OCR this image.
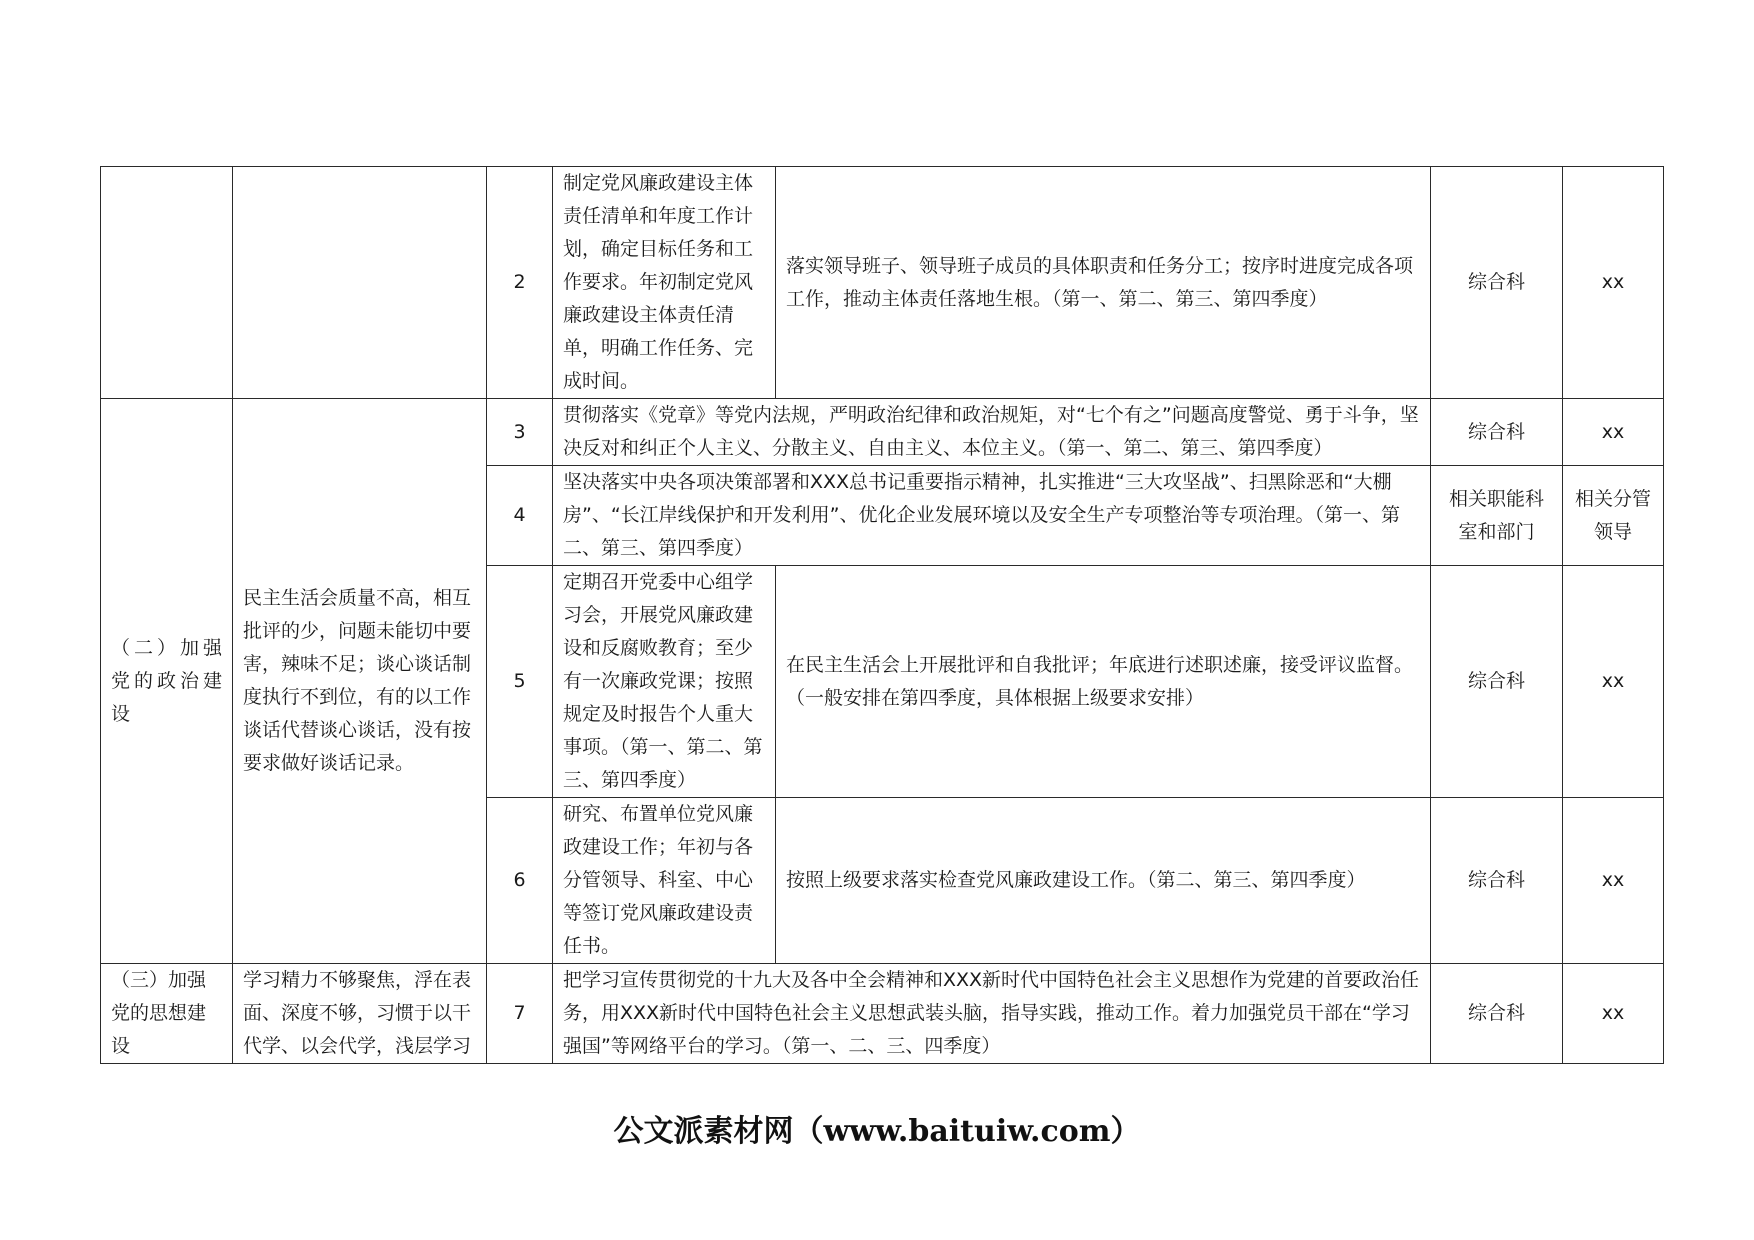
		2	制定党风廉政建设主体责任清单和年度工作计划，确定目标任务和工作要求。年初制定党风廉政建设主体责任清单，明确工作任务、完成时间。	落实领导班子、领导班子成员的具体职责和任务分工；按序时进度完成各项工作，推动主体责任落地生根。（第一、第二、第三、第四季度）	综合科	xx
（二）加强党的政治建设	民主生活会质量不高，相互批评的少，问题未能切中要害，辣味不足；谈心谈话制度执行不到位，有的以工作谈话代替谈心谈话，没有按要求做好谈话记录。	3	贯彻落实《党章》等党内法规，严明政治纪律和政治规矩，对“七个有之”问题高度警觉、勇于斗争，坚决反对和纠正个人主义、分散主义、自由主义、本位主义。（第一、第二、第三、第四季度）		综合科	xx
		4	坚决落实中央各项决策部署和XXX总书记重要指示精神，扎实推进“三大攻坚战”、扫黑除恶和“大棚房”、“长江岸线保护和开发利用”、优化企业发展环境以及安全生产专项整治等专项治理。（第一、第二、第三、第四季度）		相关职能科室和部门	相关分管领导
		5	定期召开党委中心组学习会，开展党风廉政建设和反腐败教育；至少有一次廉政党课；按照规定及时报告个人重大事项。（第一、第二、第三、第四季度）	在民主生活会上开展批评和自我批评；年底进行述职述廉，接受评议监督。（一般安排在第四季度，具体根据上级要求安排）	综合科	xx
		6	研究、布置单位党风廉政建设工作；年初与各分管领导、科室、中心等签订党风廉政建设责任书。	按照上级要求落实检查党风廉政建设工作。（第二、第三、第四季度）	综合科	xx
（三）加强党的思想建设	学习精力不够聚焦，浮在表面、深度不够，习惯于以干代学、以会代学，浅层学习	7	把学习宣传贯彻党的十九大及各中全会精神和XXX新时代中国特色社会主义思想作为党建的首要政治任务，用XXX新时代中国特色社会主义思想武装头脑，指导实践，推动工作。着力加强党员干部在“学习强国”等网络平台的学习。（第一、二、三、四季度）		综合科	xx
公文派素材网（www.baituiw.com）
